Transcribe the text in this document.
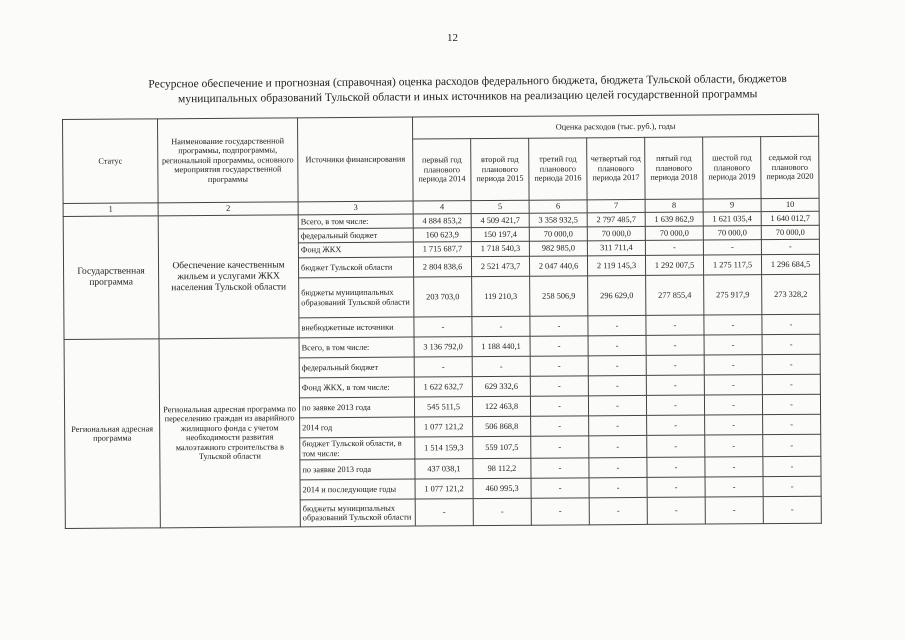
12
Ресурсное обеспечение и прогнозная (справочная) оценка расходов федерального бюджета, бюджета Тульской области, бюджетов
муниципальных образований Тульской области и иных источников на реализацию целей государственной программы
Статус	Наименование государственной программы, подпрограммы, региональной программы, основного мероприятия государственной программы	Источники финансирования	Оценка расходов (тыс. руб.), годы						
			первый год планового периода 2014	второй год планового периода 2015	третий год планового периода 2016	четвертый год планового периода 2017	пятый год планового периода 2018	шестой год планового периода 2019	седьмой год планового периода 2020
1	2	3	4	5	6	7	8	9	10
Государственная программа	Обеспечение качественным жильем и услугами ЖКХ населения Тульской области	Всего, в том числе:	4 884 853,2	4 509 421,7	3 358 932,5	2 797 485,7	1 639 862,9	1 621 035,4	1 640 012,7
		федеральный бюджет	160 623,9	150 197,4	70 000,0	70 000,0	70 000,0	70 000,0	70 000,0
		Фонд ЖКХ	1 715 687,7	1 718 540,3	982 985,0	311 711,4	-	-	-
		бюджет Тульской области	2 804 838,6	2 521 473,7	2 047 440,6	2 119 145,3	1 292 007,5	1 275 117,5	1 296 684,5
		бюджеты муниципальных образований Тульской области	203 703,0	119 210,3	258 506,9	296 629,0	277 855,4	275 917,9	273 328,2
		внебюджетные источники	-	-	-	-	-	-	-
Региональная адресная программа	Региональная адресная программа по переселению граждан из аварийного жилищного фонда с учетом необходимости развития малоэтажного строительства в Тульской области	Всего, в том числе:	3 136 792,0	1 188 440,1	-	-	-	-	-
		федеральный бюджет	-	-	-	-	-	-	-
		Фонд ЖКХ, в том числе:	1 622 632,7	629 332,6	-	-	-	-	-
		по заявке 2013 года	545 511,5	122 463,8	-	-	-	-	-
		2014 год	1 077 121,2	506 868,8	-	-	-	-	-
		бюджет Тульской области, в том числе:	1 514 159,3	559 107,5	-	-	-	-	-
		по заявке 2013 года	437 038,1	98 112,2	-	-	-	-	-
		2014 и последующие годы	1 077 121,2	460 995,3	-	-	-	-	-
		бюджеты муниципальных образований Тульской области	-	-	-	-	-	-	-
